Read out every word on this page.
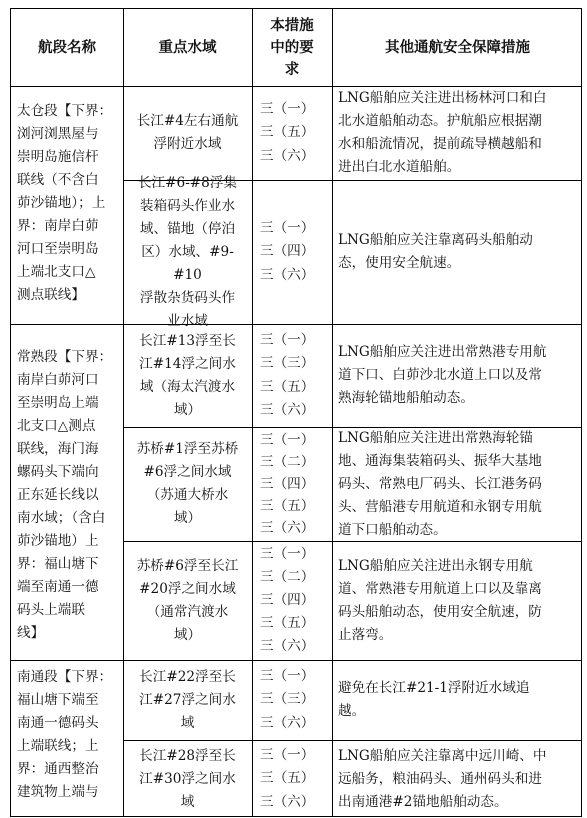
航段名称	重点水域
本措施
中的要
求
其他通航安全保障措施
太仓段【下界：
浏河浏黑屋与
崇明岛施信杆
联线（不含白
茆沙锚地）；上
界：南岸白茆
河口至崇明岛
上端北支口△
测点联线】
常熟段【下界：
南岸白茆河口
至崇明岛上端
北支口△测点
联线，海门海
螺码头下端向
正东延长线以
南水域；（含白
茆沙锚地）上
界：福山塘下
端至南通一德
码头上端联
线】
南通段【下界：
福山塘下端至
南通一德码头
上端联线；上
界：通西整治
建筑物上端与
长江#4左右通航
浮附近水域
三（一）
三（五）
三（六）
LNG船舶应关注进出杨林河口和白
北水道船舶动态。护航船应根据潮
水和船流情况，提前疏导横越船和
进出白北水道船舶。
长江#6-#8浮集
装箱码头作业水
域、锚地（停泊
区）水域、#9-#10
浮散杂货码头作
业水域
三（一）
三（四）
三（六）
LNG船舶应关注靠离码头船舶动
态，使用安全航速。
长江#13浮至长
江#14浮之间水
域（海太汽渡水
域）
三（一）
三（三）
三（五）
三（六）
LNG船舶应关注进出常熟港专用航
道下口、白茆沙北水道上口以及常
熟海轮锚地船舶动态。
苏桥#1浮至苏桥
#6浮之间水域
（苏通大桥水
域）
三（一）
三（二）
三（四）
三（五）
三（六）
LNG船舶应关注进出常熟海轮锚
地、通海集装箱码头、振华大基地
码头、常熟电厂码头、长江港务码
头、营船港专用航道和永钢专用航
道下口船舶动态。
苏桥#6浮至长江
#20浮之间水域
（通常汽渡水
域）
三（一）
三（二）
三（四）
三（五）
三（六）
LNG船舶应关注进出永钢专用航
道、常熟港专用航道上口以及靠离
码头船舶动态，使用安全航速，防
止落弯。
长江#22浮至长
江#27浮之间水
域
三（一）
三（三）
三（六）
避免在长江#21-1浮附近水域追
越。
长江#28浮至长
江#30浮之间水
域
三（一）
三（五）
三（六）
LNG船舶应关注靠离中远川崎、中
远船务，粮油码头、通州码头和进
出南通港#2锚地船舶动态。
